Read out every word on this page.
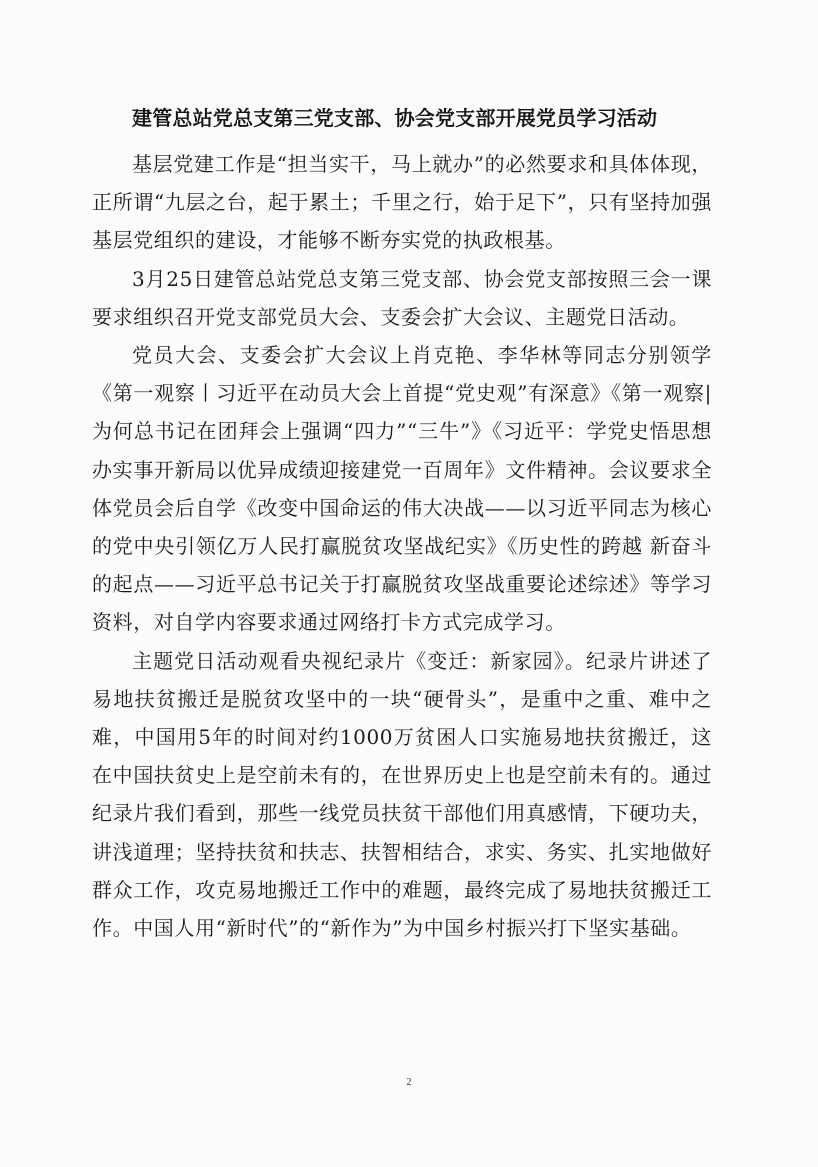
建管总站党总支第三党支部、协会党支部开展党员学习活动

基层党建工作是“担当实干，马上就办”的必然要求和具体体现，正所谓“九层之台，起于累土；千里之行，始于足下”，只有坚持加强基层党组织的建设，才能够不断夯实党的执政根基。

3月25日建管总站党总支第三党支部、协会党支部按照三会一课要求组织召开党支部党员大会、支委会扩大会议、主题党日活动。

党员大会、支委会扩大会议上肖克艳、李华林等同志分别领学《第一观察丨习近平在动员大会上首提“党史观”有深意》《第一观察|为何总书记在团拜会上强调“四力”“三牛”》《习近平：学党史悟思想办实事开新局以优异成绩迎接建党一百周年》文件精神。会议要求全体党员会后自学《改变中国命运的伟大决战——以习近平同志为核心的党中央引领亿万人民打赢脱贫攻坚战纪实》《历史性的跨越 新奋斗的起点——习近平总书记关于打赢脱贫攻坚战重要论述综述》等学习资料，对自学内容要求通过网络打卡方式完成学习。

主题党日活动观看央视纪录片《变迁：新家园》。纪录片讲述了易地扶贫搬迁是脱贫攻坚中的一块“硬骨头”，是重中之重、难中之难，中国用5年的时间对约1000万贫困人口实施易地扶贫搬迁，这在中国扶贫史上是空前未有的，在世界历史上也是空前未有的。通过纪录片我们看到，那些一线党员扶贫干部他们用真感情，下硬功夫，讲浅道理；坚持扶贫和扶志、扶智相结合，求实、务实、扎实地做好群众工作，攻克易地搬迁工作中的难题，最终完成了易地扶贫搬迁工作。中国人用“新时代”的“新作为”为中国乡村振兴打下坚实基础。

2
